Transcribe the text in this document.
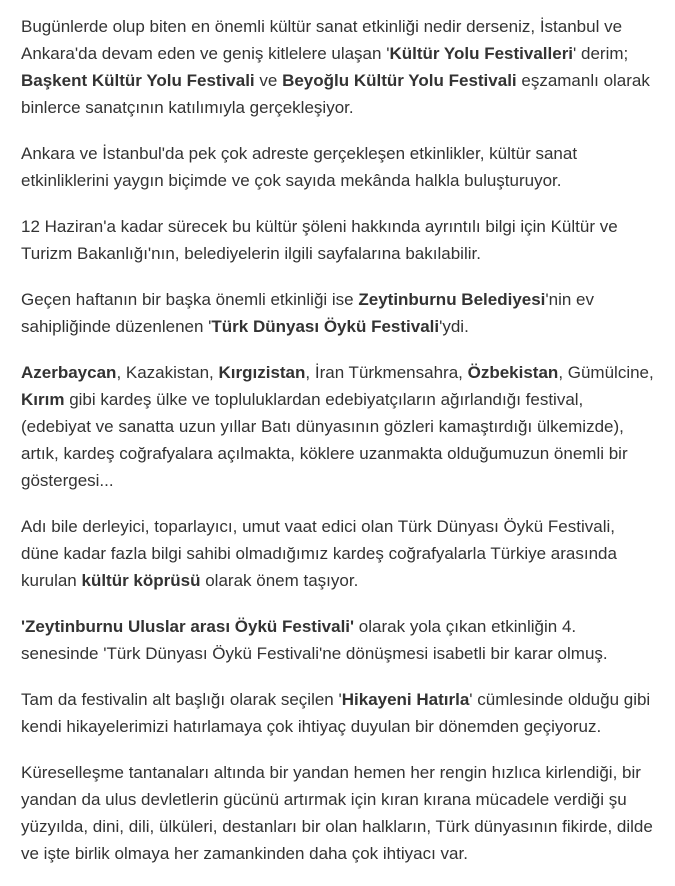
Bugünlerde olup biten en önemli kültür sanat etkinliği nedir derseniz, İstanbul ve Ankara'da devam eden ve geniş kitlelere ulaşan 'Kültür Yolu Festivalleri' derim; Başkent Kültür Yolu Festivali ve Beyoğlu Kültür Yolu Festivali eşzamanlı olarak binlerce sanatçının katılımıyla gerçekleşiyor.

Ankara ve İstanbul'da pek çok adreste gerçekleşen etkinlikler, kültür sanat etkinliklerini yaygın biçimde ve çok sayıda mekânda halkla buluşturuyor.

12 Haziran'a kadar sürecek bu kültür şöleni hakkında ayrıntılı bilgi için Kültür ve Turizm Bakanlığı'nın, belediyelerin ilgili sayfalarına bakılabilir.

Geçen haftanın bir başka önemli etkinliği ise Zeytinburnu Belediyesi'nin ev sahipliğinde düzenlenen 'Türk Dünyası Öykü Festivali'ydi.

Azerbaycan, Kazakistan, Kırgızistan, İran Türkmensahra, Özbekistan, Gümülcine, Kırım gibi kardeş ülke ve topluluklardan edebiyatçıların ağırlandığı festival, (edebiyat ve sanatta uzun yıllar Batı dünyasının gözleri kamaştırdığı ülkemizde), artık, kardeş coğrafyalara açılmakta, köklere uzanmakta olduğumuzun önemli bir göstergesi...

Adı bile derleyici, toparlayıcı, umut vaat edici olan Türk Dünyası Öykü Festivali, düne kadar fazla bilgi sahibi olmadığımız kardeş coğrafyalarla Türkiye arasında kurulan kültür köprüsü olarak önem taşıyor.

'Zeytinburnu Uluslar arası Öykü Festivali' olarak yola çıkan etkinliğin 4. senesinde 'Türk Dünyası Öykü Festivali'ne dönüşmesi isabetli bir karar olmuş.

Tam da festivalin alt başlığı olarak seçilen 'Hikayeni Hatırla' cümlesinde olduğu gibi kendi hikayelerimizi hatırlamaya çok ihtiyaç duyulan bir dönemden geçiyoruz.

Küreselleşme tantanaları altında bir yandan hemen her rengin hızlıca kirlendiği, bir yandan da ulus devletlerin gücünü artırmak için kıran kırana mücadele verdiği şu yüzyılda, dini, dili, ülküleri, destanları bir olan halkların, Türk dünyasının fikirde, dilde ve işte birlik olmaya her zamankinden daha çok ihtiyacı var.
